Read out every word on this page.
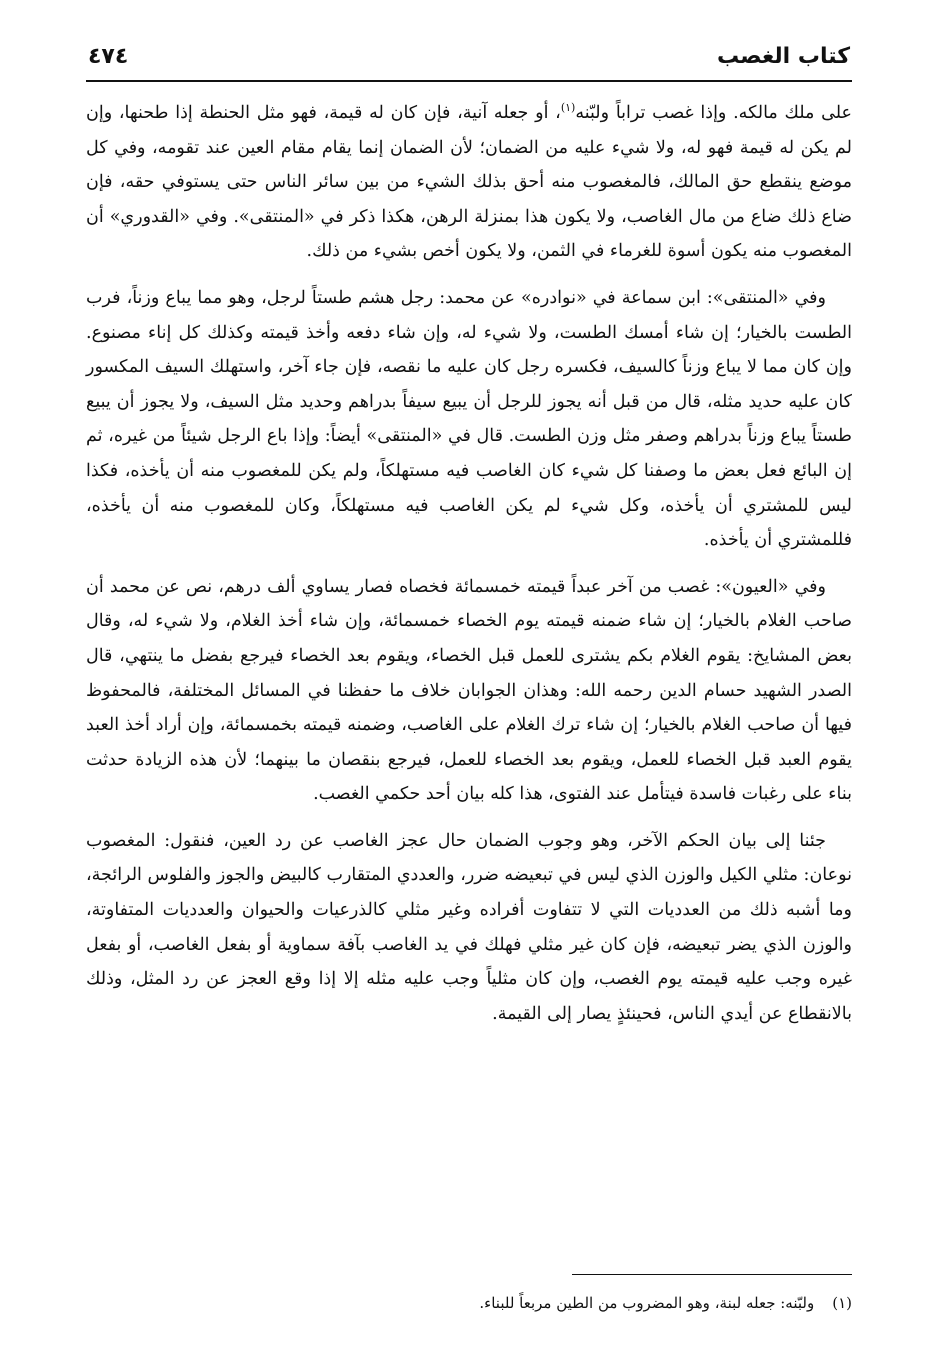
كتاب الغصب
٤٧٤

على ملك مالكه. وإذا غصب تراباً ولبّنه$^{(١)}$، أو جعله آنية، فإن كان له قيمة، فهو مثل الحنطة إذا طحنها، وإن لم يكن له قيمة فهو له، ولا شيء عليه من الضمان؛ لأن الضمان إنما يقام مقام العين عند تقومه، وفي كل موضع ينقطع حق المالك، فالمغصوب منه أحق بذلك الشيء من بين سائر الناس حتى يستوفي حقه، فإن ضاع ذلك ضاع من مال الغاصب، ولا يكون هذا بمنزلة الرهن، هكذا ذكر في «المنتقى». وفي «القدوري» أن المغصوب منه يكون أسوة للغرماء في الثمن، ولا يكون أخص بشيء من ذلك.

وفي «المنتقى»: ابن سماعة في «نوادره» عن محمد: رجل هشم طستاً لرجل، وهو مما يباع وزناً، فرب الطست بالخيار؛ إن شاء أمسك الطست، ولا شيء له، وإن شاء دفعه وأخذ قيمته وكذلك كل إناء مصنوع. وإن كان مما لا يباع وزناً كالسيف، فكسره رجل كان عليه ما نقصه، فإن جاء آخر، واستهلك السيف المكسور كان عليه حديد مثله، قال من قبل أنه يجوز للرجل أن يبيع سيفاً بدراهم وحديد مثل السيف، ولا يجوز أن يبيع طستاً يباع وزناً بدراهم وصفر مثل وزن الطست. قال في «المنتقى» أيضاً: وإذا باع الرجل شيئاً من غيره، ثم إن البائع فعل بعض ما وصفنا كل شيء كان الغاصب فيه مستهلكاً، ولم يكن للمغصوب منه أن يأخذه، فكذا ليس للمشتري أن يأخذه، وكل شيء لم يكن الغاصب فيه مستهلكاً، وكان للمغصوب منه أن يأخذه، فللمشتري أن يأخذه.

وفي «العيون»: غصب من آخر عبداً قيمته خمسمائة فخصاه فصار يساوي ألف درهم، نص عن محمد أن صاحب الغلام بالخيار؛ إن شاء ضمنه قيمته يوم الخصاء خمسمائة، وإن شاء أخذ الغلام، ولا شيء له، وقال بعض المشايخ: يقوم الغلام بكم يشترى للعمل قبل الخصاء، ويقوم بعد الخصاء فيرجع بفضل ما ينتهي، قال الصدر الشهيد حسام الدين رحمه الله: وهذان الجوابان خلاف ما حفظنا في المسائل المختلفة، فالمحفوظ فيها أن صاحب الغلام بالخيار؛ إن شاء ترك الغلام على الغاصب، وضمنه قيمته بخمسمائة، وإن أراد أخذ العبد يقوم العبد قبل الخصاء للعمل، ويقوم بعد الخصاء للعمل، فيرجع بنقصان ما بينهما؛ لأن هذه الزيادة حدثت بناء على رغبات فاسدة فيتأمل عند الفتوى، هذا كله بيان أحد حكمي الغصب.

جئنا إلى بيان الحكم الآخر، وهو وجوب الضمان حال عجز الغاصب عن رد العين، فنقول: المغصوب نوعان: مثلي الكيل والوزن الذي ليس في تبعيضه ضرر، والعددي المتقارب كالبيض والجوز والفلوس الرائجة، وما أشبه ذلك من العدديات التي لا تتفاوت أفراده وغير مثلي كالذرعيات والحيوان والعدديات المتفاوتة، والوزن الذي يضر تبعيضه، فإن كان غير مثلي فهلك في يد الغاصب بآفة سماوية أو بفعل الغاصب، أو بفعل غيره وجب عليه قيمته يوم الغصب، وإن كان مثلياً وجب عليه مثله إلا إذا وقع العجز عن رد المثل، وذلك بالانقطاع عن أيدي الناس، فحينئذٍ يصار إلى القيمة.

(١)ولبّنه: جعله لبنة، وهو المضروب من الطين مربعاً للبناء.
